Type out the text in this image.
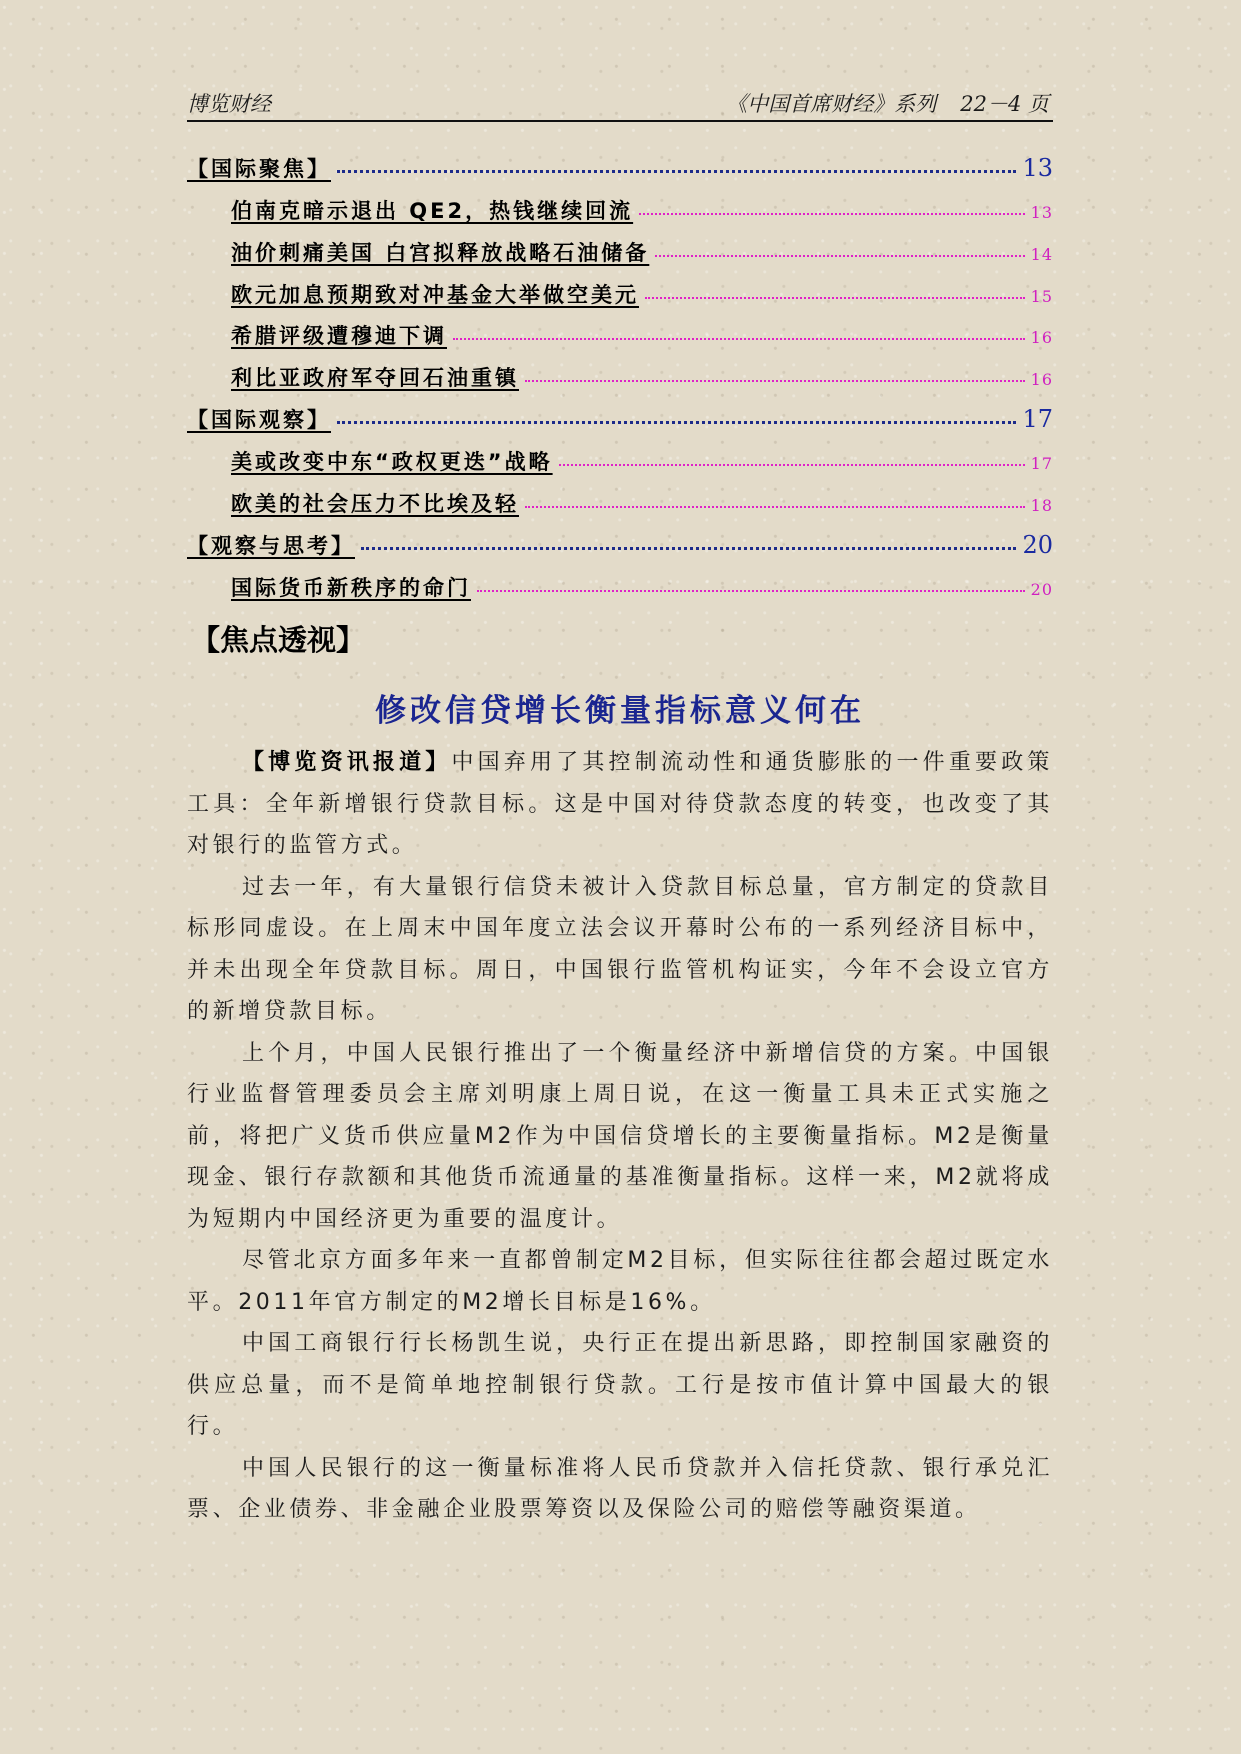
博览财经	《中国首席财经》系列 22－4 页
【国际聚焦】	13
伯南克暗示退出 QE2，热钱继续回流	13
油价刺痛美国 白宫拟释放战略石油储备	14
欧元加息预期致对冲基金大举做空美元	15
希腊评级遭穆迪下调	16
利比亚政府军夺回石油重镇	16
【国际观察】	17
美或改变中东“政权更迭”战略	17
欧美的社会压力不比埃及轻	18
【观察与思考】	20
国际货币新秩序的命门	20
【焦点透视】
修改信贷增长衡量指标意义何在

【博览资讯报道】中国弃用了其控制流动性和通货膨胀的一件重要政策工具：全年新增银行贷款目标。这是中国对待贷款态度的转变，也改变了其对银行的监管方式。

过去一年，有大量银行信贷未被计入贷款目标总量，官方制定的贷款目标形同虚设。在上周末中国年度立法会议开幕时公布的一系列经济目标中，并未出现全年贷款目标。周日，中国银行监管机构证实，今年不会设立官方的新增贷款目标。

上个月，中国人民银行推出了一个衡量经济中新增信贷的方案。中国银行业监督管理委员会主席刘明康上周日说，在这一衡量工具未正式实施之前，将把广义货币供应量M2作为中国信贷增长的主要衡量指标。M2是衡量现金、银行存款额和其他货币流通量的基准衡量指标。这样一来，M2就将成为短期内中国经济更为重要的温度计。

尽管北京方面多年来一直都曾制定M2目标，但实际往往都会超过既定水平。2011年官方制定的M2增长目标是16%。

中国工商银行行长杨凯生说，央行正在提出新思路，即控制国家融资的供应总量，而不是简单地控制银行贷款。工行是按市值计算中国最大的银行。

中国人民银行的这一衡量标准将人民币贷款并入信托贷款、银行承兑汇票、企业债券、非金融企业股票筹资以及保险公司的赔偿等融资渠道。
